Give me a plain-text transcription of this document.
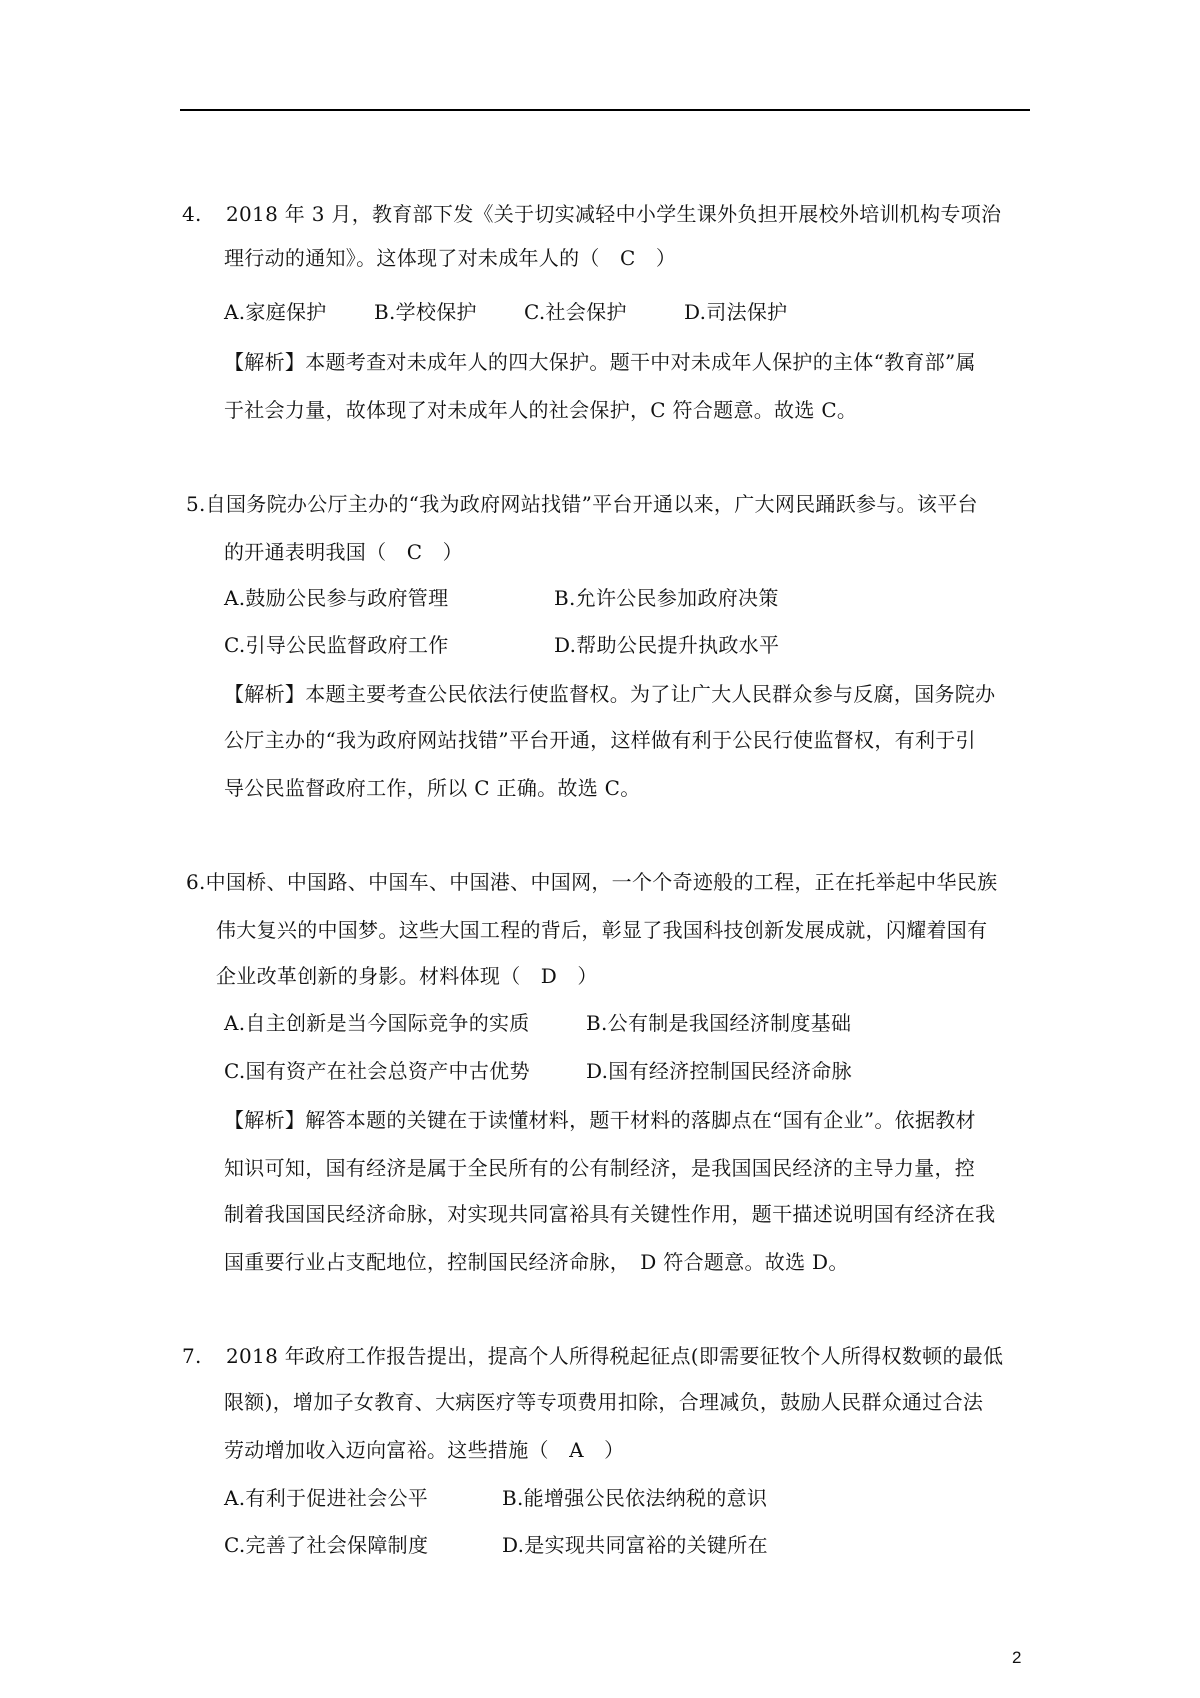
4. 2018 年 3 月，教育部下发《关于切实减轻中小学生课外负担开展校外培训机构专项治
理行动的通知》。这体现了对未成年人的（　C　）
A.家庭保护 B.学校保护 C.社会保护	D.司法保护
【解析】本题考查对未成年人的四大保护。题干中对未成年人保护的主体“教育部”属
于社会力量，故体现了对未成年人的社会保护，C 符合题意。故选 C。
5.自国务院办公厅主办的“我为政府网站找错”平台开通以来，广大网民踊跃参与。该平台
的开通表明我国（　C　）
A.鼓励公民参与政府管理	B.允许公民参加政府决策
C.引导公民监督政府工作	D.帮助公民提升执政水平
【解析】本题主要考查公民依法行使监督权。为了让广大人民群众参与反腐，国务院办
公厅主办的“我为政府网站找错”平台开通，这样做有利于公民行使监督权，有利于引
导公民监督政府工作，所以 C 正确。故选 C。
6.中国桥、中国路、中国车、中国港、中国网，一个个奇迹般的工程，正在托举起中华民族
伟大复兴的中国梦。这些大国工程的背后，彰显了我国科技创新发展成就，闪耀着国有
企业改革创新的身影。材料体现（　D　）
A.自主创新是当今国际竞争的实质	B.公有制是我国经济制度基础
C.国有资产在社会总资产中古优势	D.国有经济控制国民经济命脉
【解析】解答本题的关键在于读懂材料，题干材料的落脚点在“国有企业”。依据教材
知识可知，国有经济是属于全民所有的公有制经济，是我国国民经济的主导力量，控
制着我国国民经济命脉，对实现共同富裕具有关键性作用，题干描述说明国有经济在我
国重要行业占支配地位，控制国民经济命脉，　D 符合题意。故选 D。
7. 2018 年政府工作报告提出，提高个人所得税起征点(即需要征牧个人所得权数顿的最低
限额)，增加子女教育、大病医疗等专项费用扣除，合理减负，鼓励人民群众通过合法
劳动增加收入迈向富裕。这些措施（　A　）
A.有利于促进社会公平	B.能增强公民依法纳税的意识
C.完善了社会保障制度	D.是实现共同富裕的关键所在
2
